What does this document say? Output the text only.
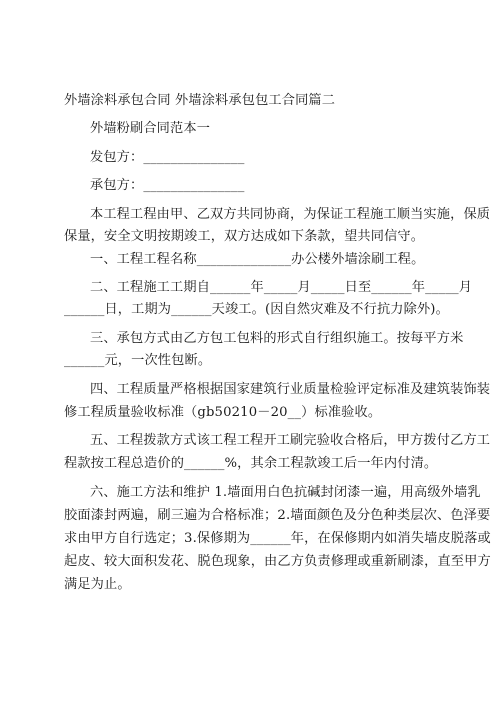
外墙涂料承包合同 外墙涂料承包包工合同篇二
外墙粉刷合同范本一
发包方：_______________
承包方：_______________
本工程工程由甲、乙双方共同协商，为保证工程施工顺当实施，保质
保量，安全文明按期竣工，双方达成如下条款，望共同信守。
一、工程工程名称______________办公楼外墙涂刷工程。
二、工程施工工期自______年_____月_____日至______年_____月
______日，工期为______天竣工。(因自然灾难及不行抗力除外)。
三、承包方式由乙方包工包料的形式自行组织施工。按每平方米
______元，一次性包断。
四、工程质量严格根据国家建筑行业质量检验评定标准及建筑装饰装
修工程质量验收标准（gb50210－20__）标准验收。
五、工程拨款方式该工程工程开工刷完验收合格后，甲方拨付乙方工
程款按工程总造价的______%，其余工程款竣工后一年内付清。
六、施工方法和维护 1.墙面用白色抗碱封闭漆一遍，用高级外墙乳
胶面漆封两遍，刷三遍为合格标准；2.墙面颜色及分色种类层次、色泽要
求由甲方自行选定；3.保修期为______年，在保修期内如消失墙皮脱落或
起皮、较大面积发花、脱色现象，由乙方负责修理或重新刷漆，直至甲方
满足为止。
